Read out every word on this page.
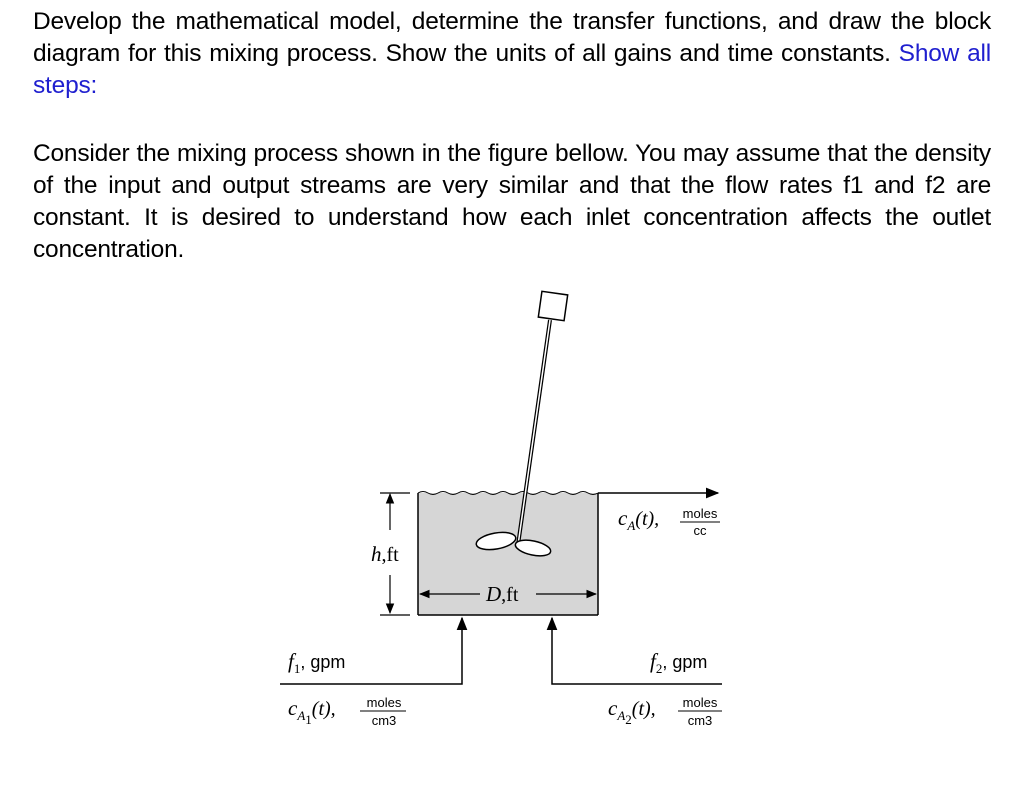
Develop the mathematical model, determine the transfer functions, and draw the block diagram for this mixing process. Show the units of all gains and time constants. Show all steps:
Consider the mixing process shown in the figure bellow. You may assume that the density of the input and output streams are very similar and that the flow rates f1 and f2 are constant. It is desired to understand how each inlet concentration affects the outlet concentration.
h,ft
D,ft
$c_A(t)$, moles
cc
$f_1$, gpm
$c_{A1}(t)$, moles
cm3
$f_2$, gpm
$c_{A2}(t)$, moles
cm3
